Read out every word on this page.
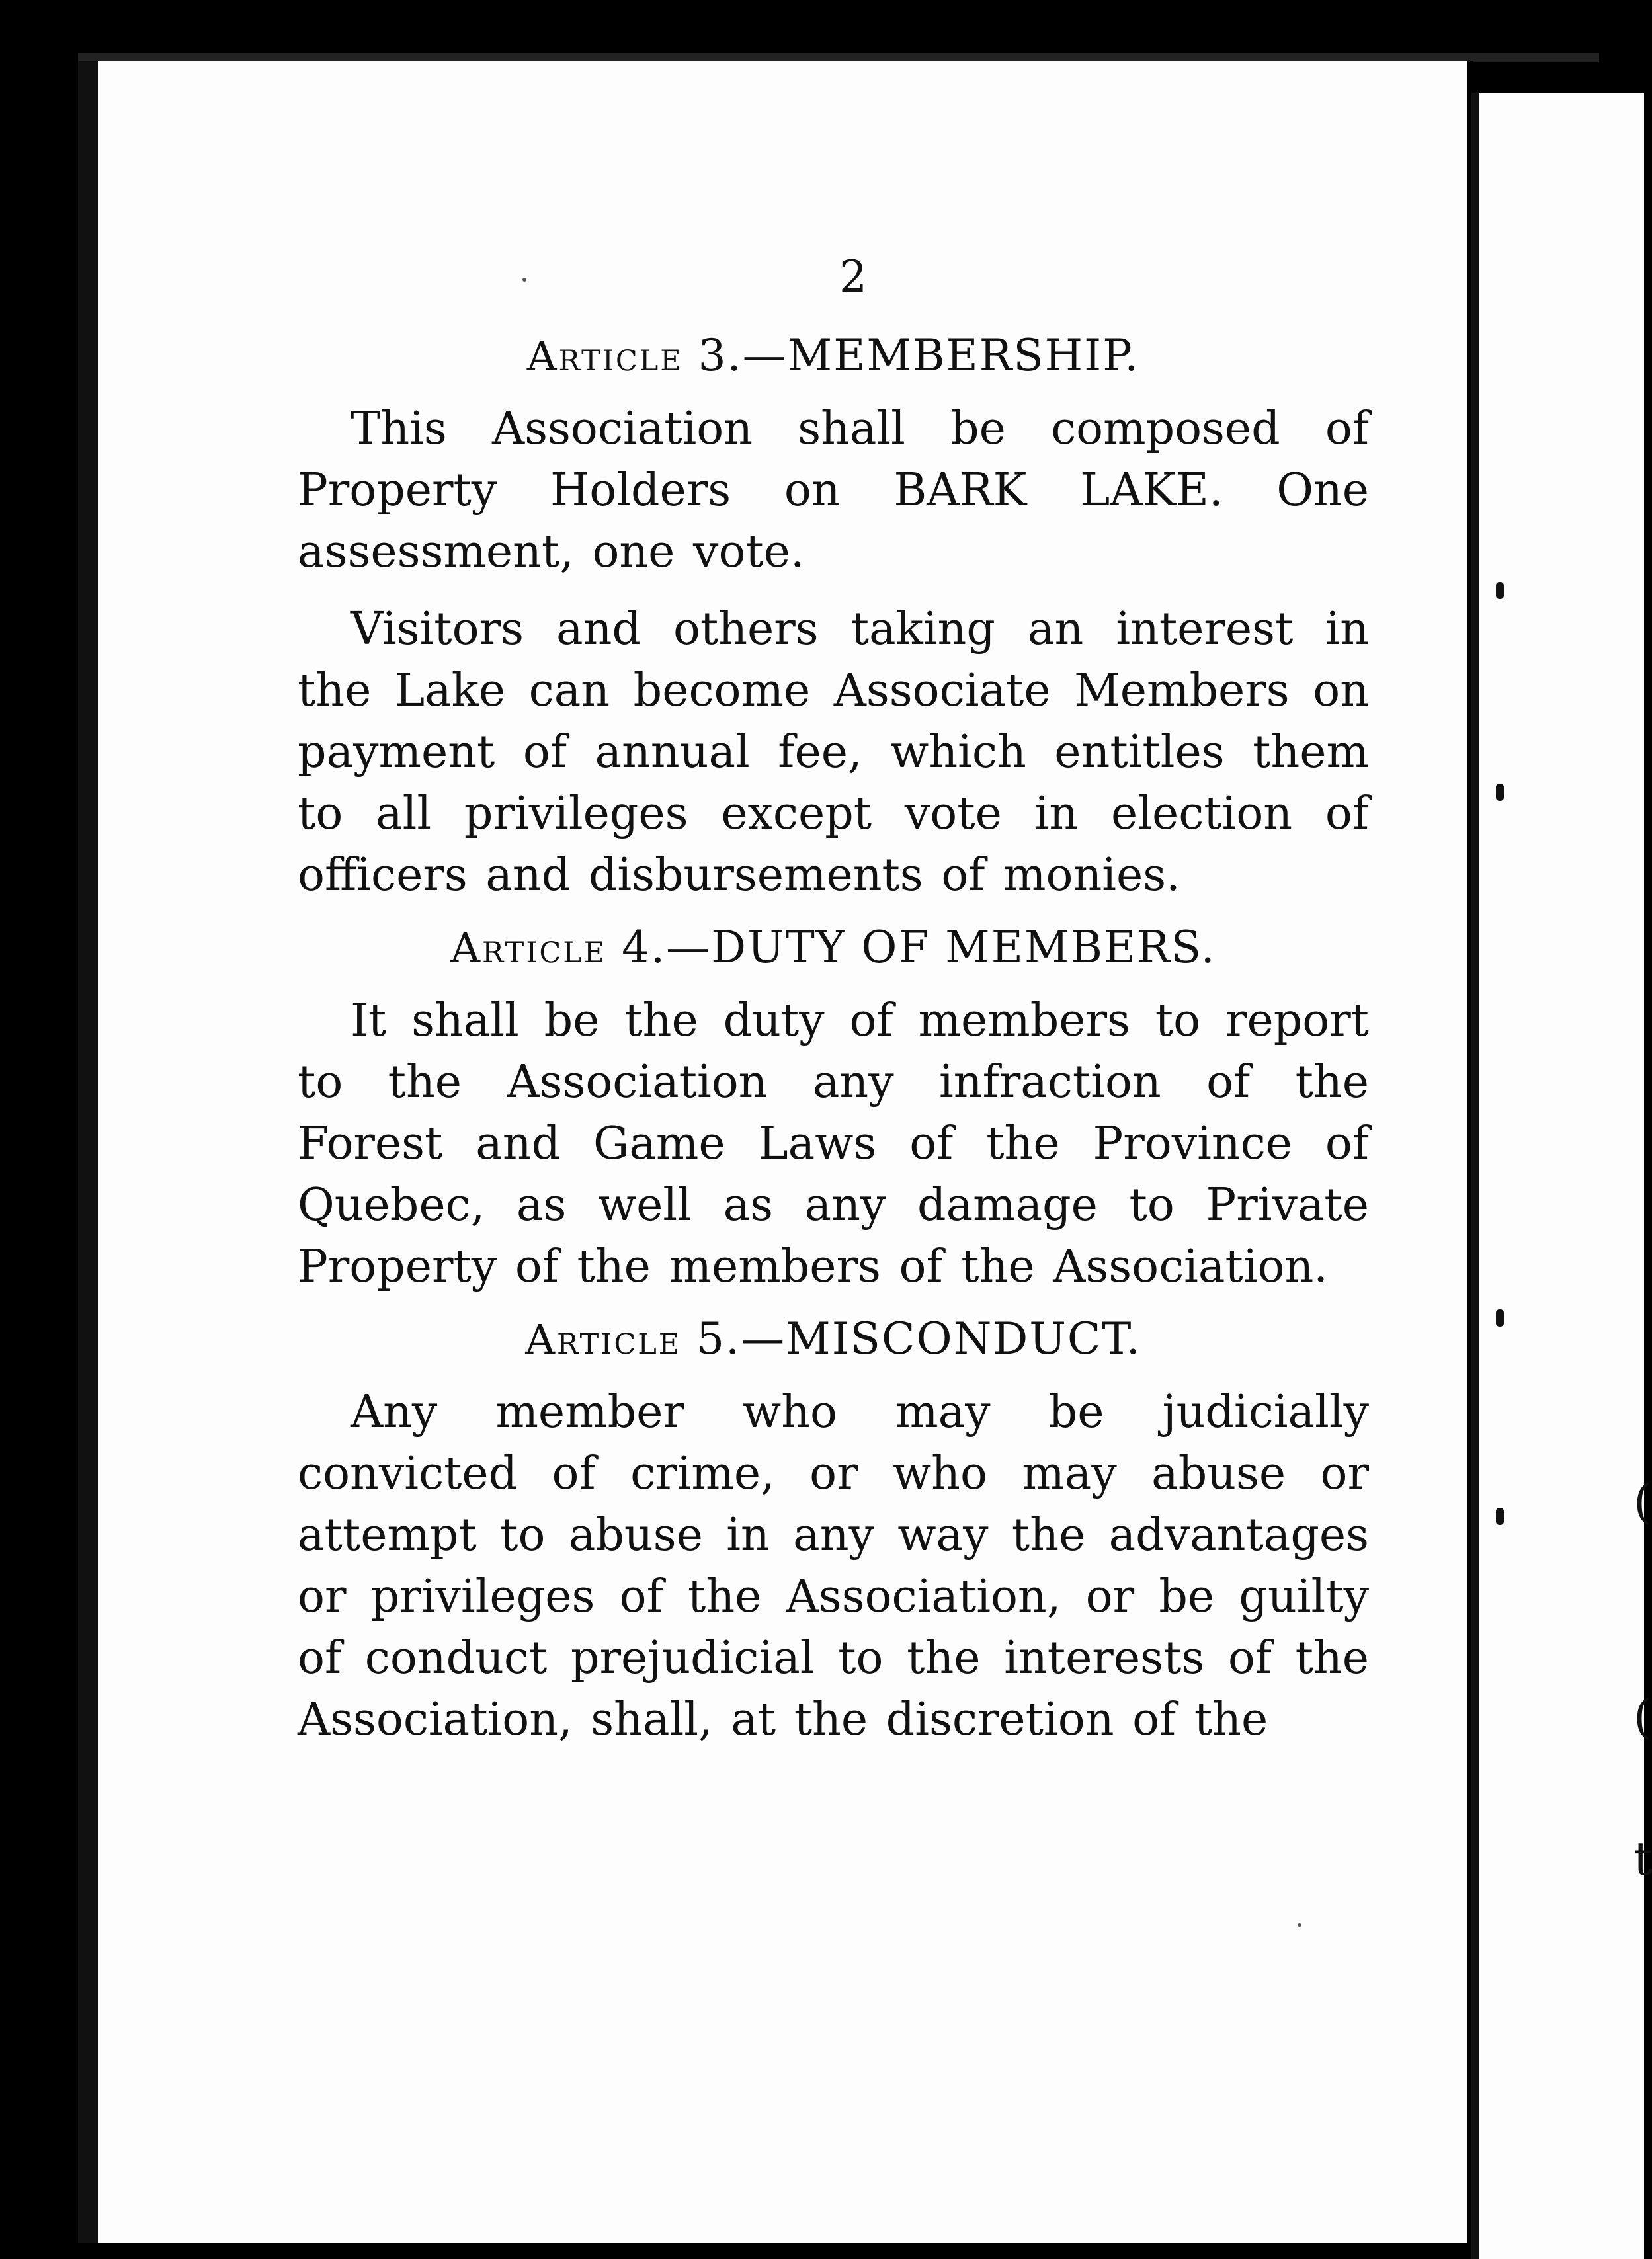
(
(
t
2
Article 3.—MEMBERSHIP.

This Association shall be composed of Property Holders on BARK LAKE. One assessment, one vote.

Visitors and others taking an interest in the Lake can become Associate Members on payment of annual fee, which entitles them to all privileges except vote in election of officers and disbursements of monies.

Article 4.—DUTY OF MEMBERS.

It shall be the duty of members to report to the Association any infraction of the Forest and Game Laws of the Province of Quebec, as well as any damage to Private Property of the members of the Association.

Article 5.—MISCONDUCT.

Any member who may be judicially convicted of crime, or who may abuse or attempt to abuse in any way the advantages or privileges of the Association, or be guilty of conduct prejudicial to the interests of the Association, shall, at the discretion of the
